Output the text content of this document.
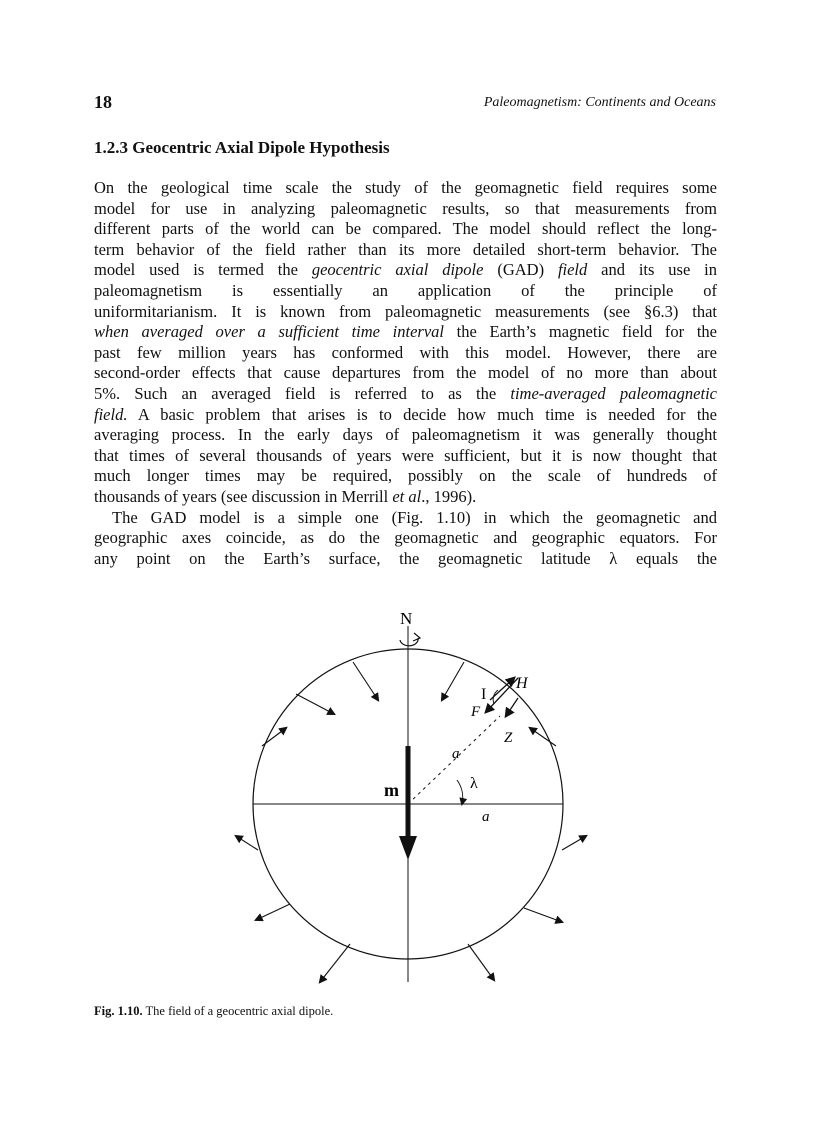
18	Paleomagnetism: Continents and Oceans
1.2.3 Geocentric Axial Dipole Hypothesis
On the geological time scale the study of the geomagnetic field requires some
model for use in analyzing paleomagnetic results, so that measurements from
different parts of the world can be compared. The model should reflect the long-
term behavior of the field rather than its more detailed short-term behavior. The
model used is termed the geocentric axial dipole (GAD) field and its use in
paleomagnetism is essentially an application of the principle of
uniformitarianism. It is known from paleomagnetic measurements (see §6.3) that
when averaged over a sufficient time interval the Earth’s magnetic field for the
past few million years has conformed with this model. However, there are
second-order effects that cause departures from the model of no more than about
5%. Such an averaged field is referred to as the time-averaged paleomagnetic
field. A basic problem that arises is to decide how much time is needed for the
averaging process. In the early days of paleomagnetism it was generally thought
that times of several thousands of years were sufficient, but it is now thought that
much longer times may be required, possibly on the scale of hundreds of
thousands of years (see discussion in Merrill et al., 1996).
The GAD model is a simple one (Fig. 1.10) in which the geomagnetic and
geographic axes coincide, as do the geomagnetic and geographic equators. For
any point on the Earth’s surface, the geomagnetic latitude λ equals the
N
m
H
I
F
Z
a
λ
a
Fig. 1.10. The field of a geocentric axial dipole.
